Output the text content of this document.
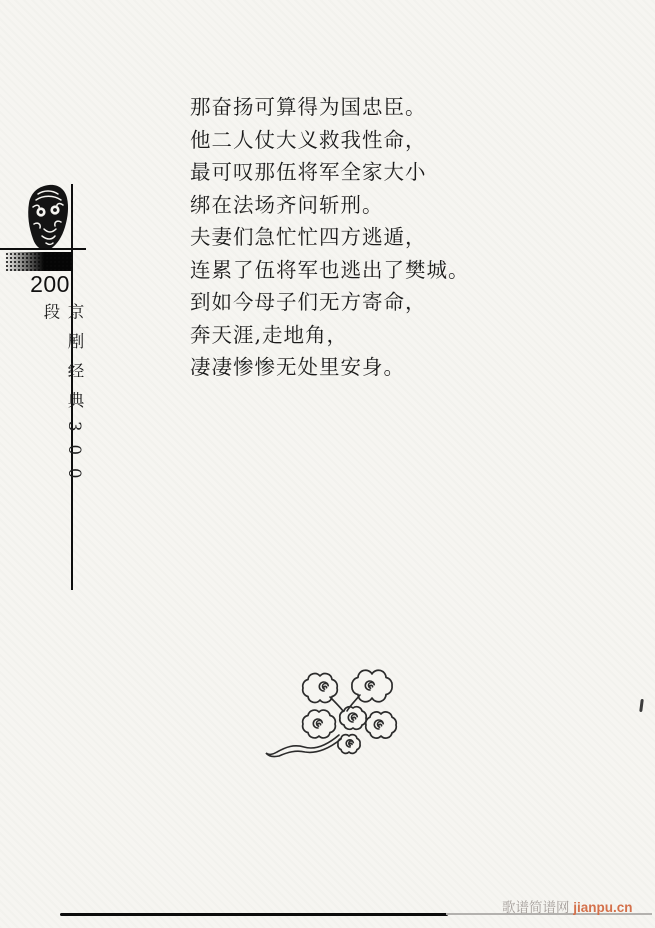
那奋扬可算得为国忠臣。
他二人仗大义救我性命，
最可叹那伍将军全家大小
绑在法场齐问斩刑。
夫妻们急忙忙四方逃遁，
连累了伍将军也逃出了樊城。
到如今母子们无方寄命，
奔天涯,走地角，
凄凄惨惨无处里安身。
200
京剧经典300段
歌谱简谱网 jianpu.cn
